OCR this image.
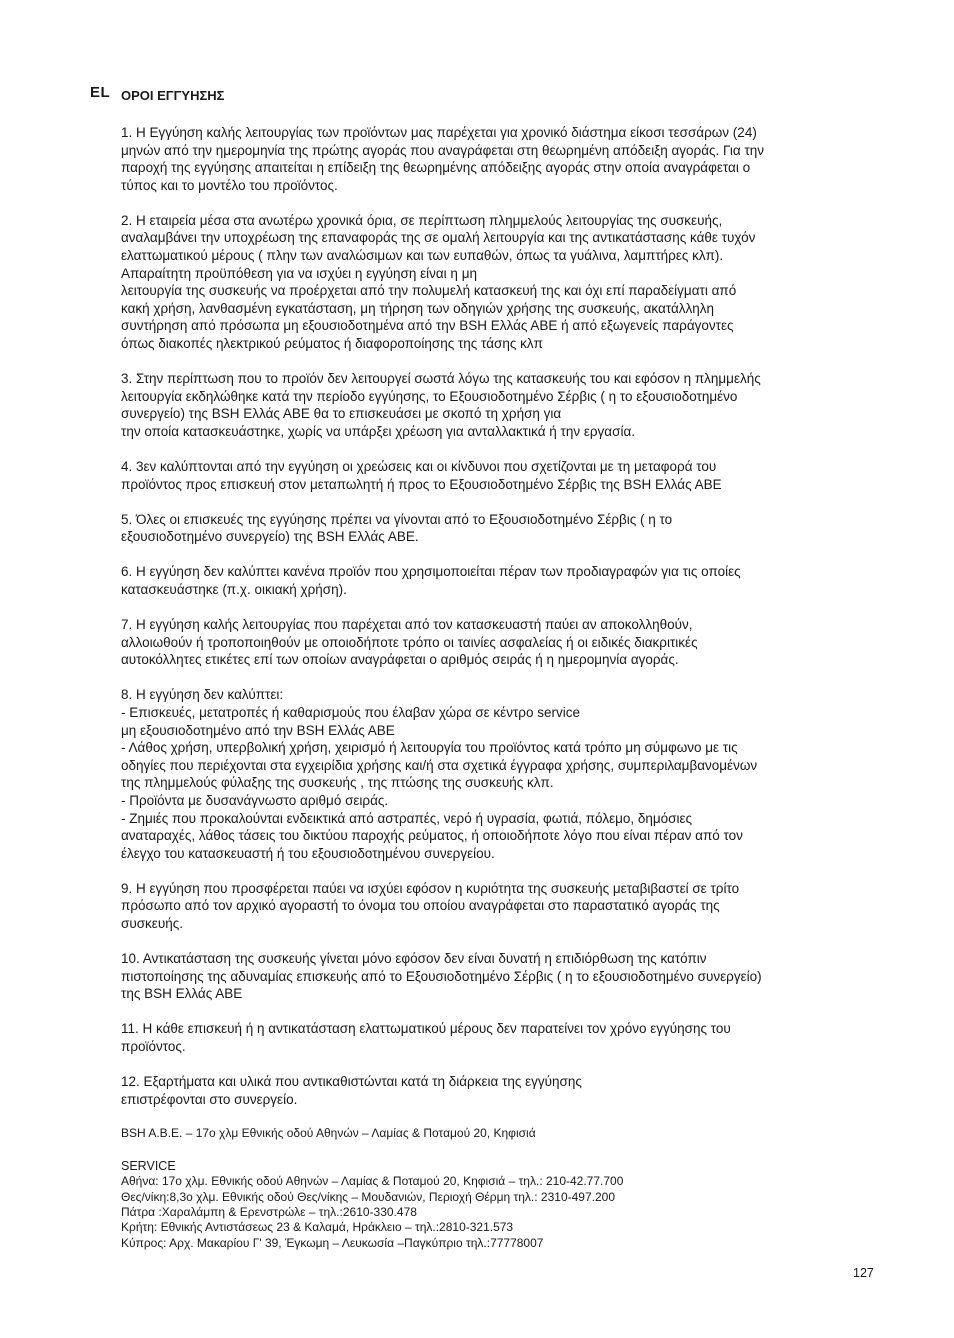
EL ΟΡΟΙ ΕΓΓΥΗΣΗΣ

1. Η Εγγύηση καλής λειτουργίας των προϊόντων μας παρέχεται για χρονικό διάστημα είκοσι τεσσάρων (24)
μηνών από την ημερομηνία της πρώτης αγοράς που αναγράφεται στη θεωρημένη απόδειξη αγοράς. Για την
παροχή της εγγύησης απαιτείται η επίδειξη της θεωρημένης απόδειξης αγοράς στην οποία αναγράφεται ο
τύπος και το μοντέλο του προϊόντος.

2. Η εταιρεία μέσα στα ανωτέρω χρονικά όρια, σε περίπτωση πλημμελούς λειτουργίας της συσκευής,
αναλαμβάνει την υποχρέωση της επαναφοράς της σε ομαλή λειτουργία και της αντικατάστασης κάθε τυχόν
ελαττωματικού μέρους ( πλην των αναλώσιμων και των ευπαθών, όπως τα γυάλινα, λαμπτήρες κλπ).
Απαραίτητη προϋπόθεση για να ισχύει η εγγύηση είναι η μη
λειτουργία της συσκευής να προέρχεται από την πολυμελή κατασκευή της και όχι επί παραδείγματι από
κακή χρήση, λανθασμένη εγκατάσταση, μη τήρηση των οδηγιών χρήσης της συσκευής, ακατάλληλη
συντήρηση από πρόσωπα μη εξουσιοδοτημένα από την BSH Ελλάς ΑΒΕ ή από εξωγενείς παράγοντες
όπως διακοπές ηλεκτρικού ρεύματος ή διαφοροποίησης της τάσης κλπ

3. Στην περίπτωση που το προϊόν δεν λειτουργεί σωστά λόγω της κατασκευής του και εφόσον η πλημμελής
λειτουργία εκδηλώθηκε κατά την περίοδο εγγύησης, το Εξουσιοδοτημένο Σέρβις ( η το εξουσιοδοτημένο
συνεργείο) της BSH Ελλάς ΑΒΕ θα το επισκευάσει με σκοπό τη χρήση για
την οποία κατασκευάστηκε, χωρίς να υπάρξει χρέωση για ανταλλακτικά ή την εργασία.

4. 3εν καλύπτονται από την εγγύηση οι χρεώσεις και οι κίνδυνοι που σχετίζονται με τη μεταφορά του
προϊόντος προς επισκευή στον μεταπωλητή ή προς το Εξουσιοδοτημένο Σέρβις της BSH Ελλάς ΑΒΕ

5. Όλες οι επισκευές της εγγύησης πρέπει να γίνονται από το Εξουσιοδοτημένο Σέρβις ( η το
εξουσιοδοτημένο συνεργείο) της BSH Ελλάς ΑΒΕ.

6. Η εγγύηση δεν καλύπτει κανένα προϊόν που χρησιμοποιείται πέραν των προδιαγραφών για τις οποίες
κατασκευάστηκε (π.χ. οικιακή χρήση).

7. Η εγγύηση καλής λειτουργίας που παρέχεται από τον κατασκευαστή παύει αν αποκολληθούν,
αλλοιωθούν ή τροποποιηθούν με οποιοδήποτε τρόπο οι ταινίες ασφαλείας ή οι ειδικές διακριτικές
αυτοκόλλητες ετικέτες επί των οποίων αναγράφεται ο αριθμός σειράς ή η ημερομηνία αγοράς.

8. Η εγγύηση δεν καλύπτει:
- Επισκευές, μετατροπές ή καθαρισμούς που έλαβαν χώρα σε κέντρο service
μη εξουσιοδοτημένο από την BSH Ελλάς ΑΒΕ
- Λάθος χρήση, υπερβολική χρήση, χειρισμό ή λειτουργία του προϊόντος κατά τρόπο μη σύμφωνο με τις
οδηγίες που περιέχονται στα εγχειρίδια χρήσης και/ή στα σχετικά έγγραφα χρήσης, συμπεριλαμβανομένων
της πλημμελούς φύλαξης της συσκευής , της πτώσης της συσκευής κλπ.
- Προϊόντα με δυσανάγνωστο αριθμό σειράς.
- Ζημιές που προκαλούνται ενδεικτικά από αστραπές, νερό ή υγρασία, φωτιά, πόλεμο, δημόσιες
αναταραχές, λάθος τάσεις του δικτύου παροχής ρεύματος, ή οποιοδήποτε λόγο που είναι πέραν από τον
έλεγχο του κατασκευαστή ή του εξουσιοδοτημένου συνεργείου.

9. Η εγγύηση που προσφέρεται παύει να ισχύει εφόσον η κυριότητα της συσκευής μεταβιβαστεί σε τρίτο
πρόσωπο από τον αρχικό αγοραστή το όνομα του οποίου αναγράφεται στο παραστατικό αγοράς της
συσκευής.

10. Αντικατάσταση της συσκευής γίνεται μόνο εφόσον δεν είναι δυνατή η επιδιόρθωση της κατόπιν
πιστοποίησης της αδυναμίας επισκευής από το Εξουσιοδοτημένο Σέρβις ( η το εξουσιοδοτημένο συνεργείο)
της BSH Ελλάς ΑΒΕ

11. Η κάθε επισκευή ή η αντικατάσταση ελαττωματικού μέρους δεν παρατείνει τον χρόνο εγγύησης του
προϊόντος.

12. Εξαρτήματα και υλικά που αντικαθιστώνται κατά τη διάρκεια της εγγύησης
επιστρέφονται στο συνεργείο.

BSH A.B.E. – 17ο χλμ Εθνικής οδού Αθηνών – Λαμίας & Ποταμού 20, Κηφισιά
SERVICE
Αθήνα: 17ο χλμ. Εθνικής οδού Αθηνών – Λαμίας & Ποταμού 20, Κηφισιά – τηλ.: 210-42.77.700
Θες/νίκη:8,3ο χλμ. Εθνικής οδού Θες/νίκης – Μουδανιών, Περιοχή Θέρμη τηλ.: 2310-497.200
Πάτρα :Χαραλάμπη & Ερενστρώλε – τηλ.:2610-330.478
Κρήτη: Εθνικής Αντιστάσεως 23 & Καλαμά, Ηράκλειο – τηλ.:2810-321.573
Κύπρος: Αρχ. Μακαρίου Γ' 39, Έγκωμη – Λευκωσία –Παγκύπριο τηλ.:77778007
127
